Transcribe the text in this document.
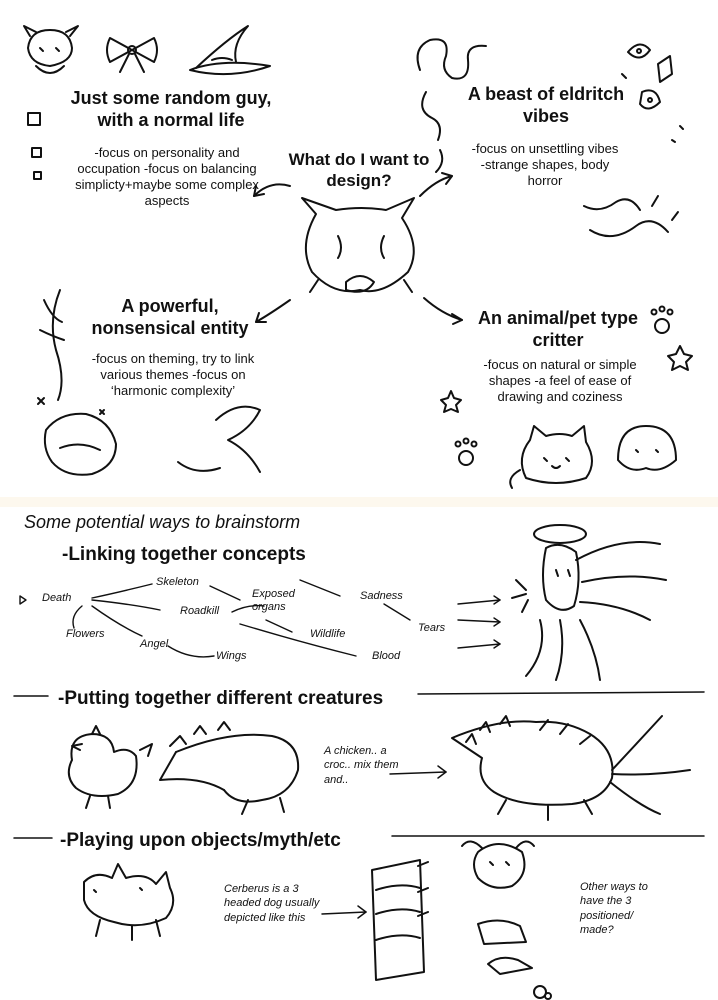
What do I want to design?
Just some random guy, with a normal life
-focus on personality and occupation -focus on balancing simplicty+maybe some complex aspects
A beast of eldritch vibes
-focus on unsettling vibes -strange shapes, body horror
A powerful, nonsensical entity
-focus on theming, try to link various themes -focus on ‘harmonic complexity’
An animal/pet type critter
-focus on natural or simple shapes -a feel of ease of drawing and coziness
Some potential ways to brainstorm
-Linking together concepts
Death
Skeleton
Exposed organs
Sadness
Roadkill
Tears
Flowers
Angel
Wildlife
Wings	Blood
-Putting together different creatures
A chicken.. a croc.. mix them and..
-Playing upon objects/myth/etc
Cerberus is a 3 headed dog usually depicted like this
Other ways to have the 3 positioned/ made?
